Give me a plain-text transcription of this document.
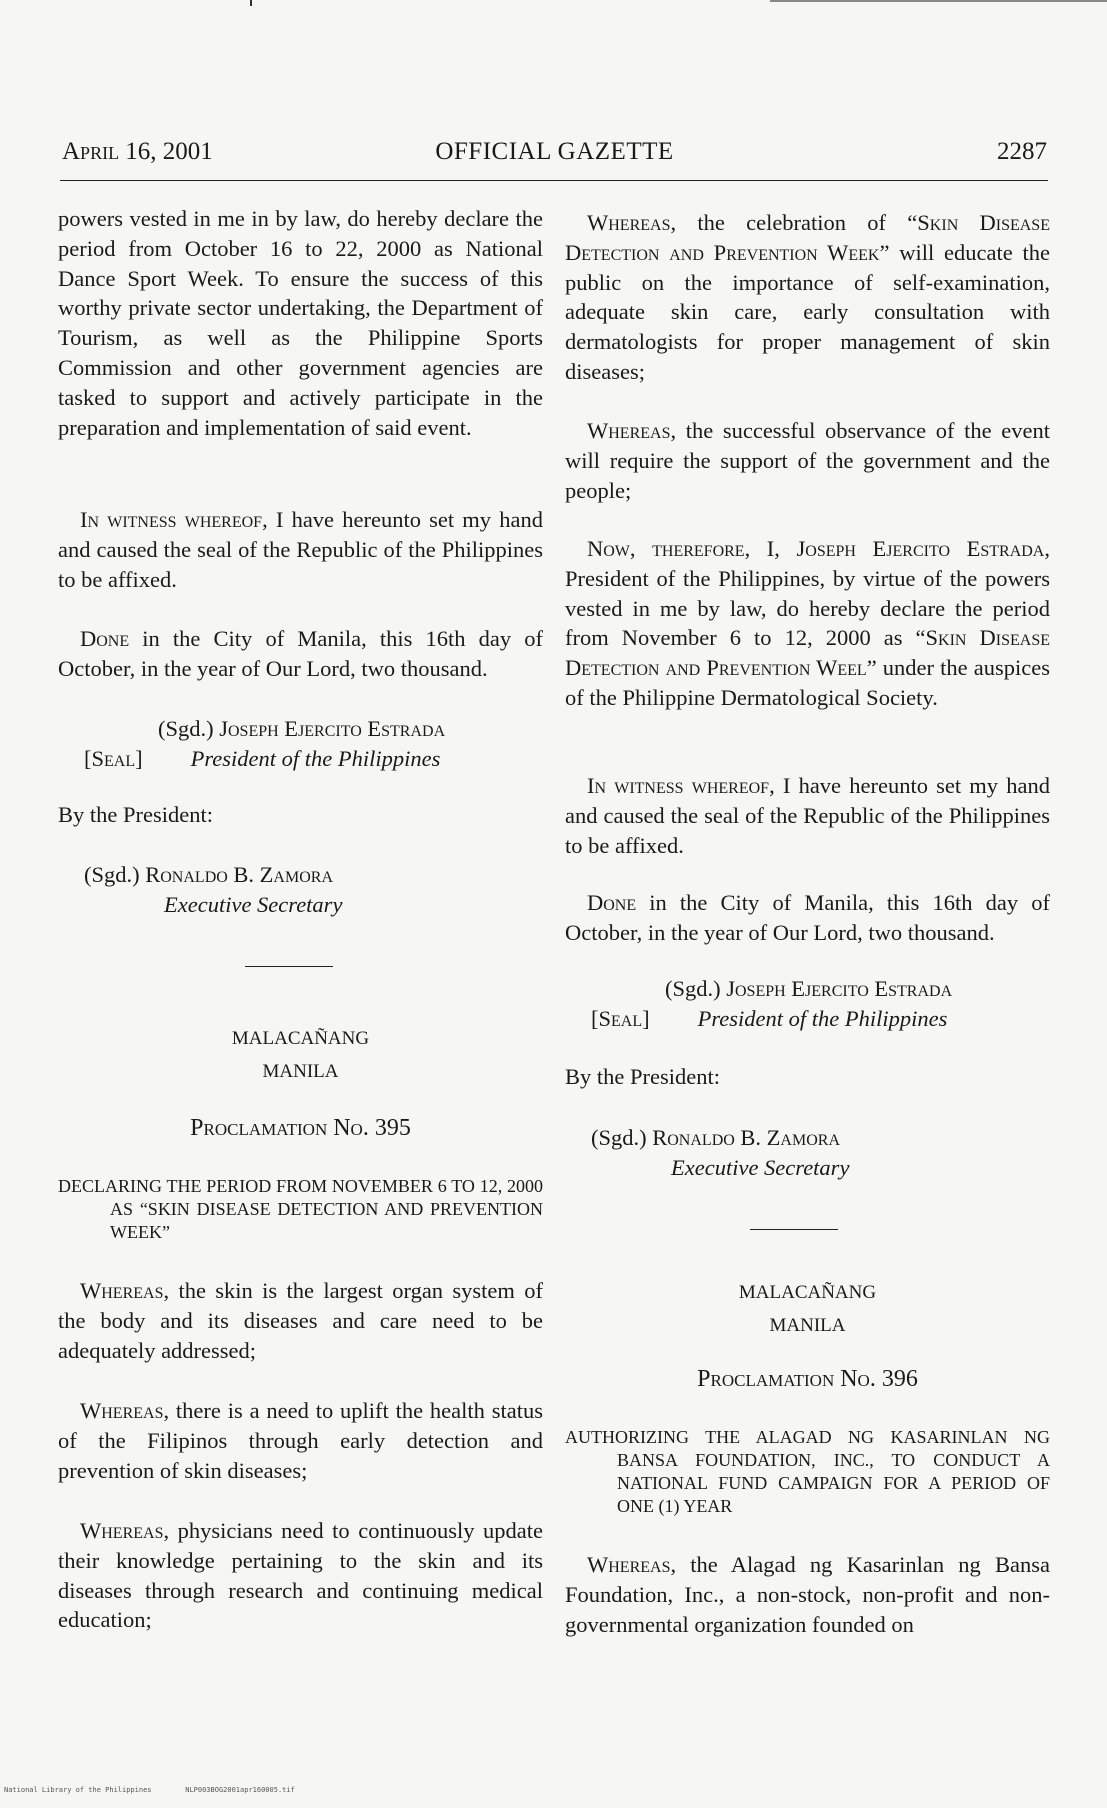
OFFICIAL GAZETTE
April 16, 2001	2287

powers vested in me in by law, do hereby declare the period from October 16 to 22, 2000 as National Dance Sport Week. To ensure the success of this worthy private sector undertaking, the Department of Tourism, as well as the Philippine Sports Commission and other government agencies are tasked to support and actively participate in the preparation and implementation of said event.

In witness whereof, I have hereunto set my hand and caused the seal of the Republic of the Philippines to be affixed.

Done in the City of Manila, this 16th day of October, in the year of Our Lord, two thousand.

(Sgd.) Joseph Ejercito Estrada
[Seal] President of the Philippines

By the President:

(Sgd.) Ronaldo B. Zamora
Executive Secretary
MALACAÑANG
MANILA
Proclamation No. 395

DECLARING THE PERIOD FROM NOVEMBER 6 TO 12, 2000 AS “SKIN DISEASE DETECTION AND PREVENTION WEEK”

Whereas, the skin is the largest organ system of the body and its diseases and care need to be adequately addressed;

Whereas, there is a need to uplift the health status of the Filipinos through early detection and prevention of skin diseases;

Whereas, physicians need to continuously update their knowledge pertaining to the skin and its diseases through research and continuing medical education;

Whereas, the celebration of “Skin Disease Detection and Prevention Week” will educate the public on the importance of self-examination, adequate skin care, early consultation with dermatologists for proper management of skin diseases;

Whereas, the successful observance of the event will require the support of the government and the people;

Now, therefore, I, Joseph Ejercito Estrada, President of the Philippines, by virtue of the powers vested in me by law, do hereby declare the period from November 6 to 12, 2000 as “Skin Disease Detection and Prevention Weel” under the auspices of the Philippine Dermatological Society.

In witness whereof, I have hereunto set my hand and caused the seal of the Republic of the Philippines to be affixed.

Done in the City of Manila, this 16th day of October, in the year of Our Lord, two thousand.

(Sgd.) Joseph Ejercito Estrada
[Seal] President of the Philippines

By the President:

(Sgd.) Ronaldo B. Zamora
Executive Secretary
MALACAÑANG
MANILA
Proclamation No. 396

AUTHORIZING THE ALAGAD NG KASARINLAN NG BANSA FOUNDATION, INC., TO CONDUCT A NATIONAL FUND CAMPAIGN FOR A PERIOD OF ONE (1) YEAR

Whereas, the Alagad ng Kasarinlan ng Bansa Foundation, Inc., a non-stock, non-profit and non-governmental organization founded on

National Library of the Philippines	NLP003BOG2001apr160005.tif
